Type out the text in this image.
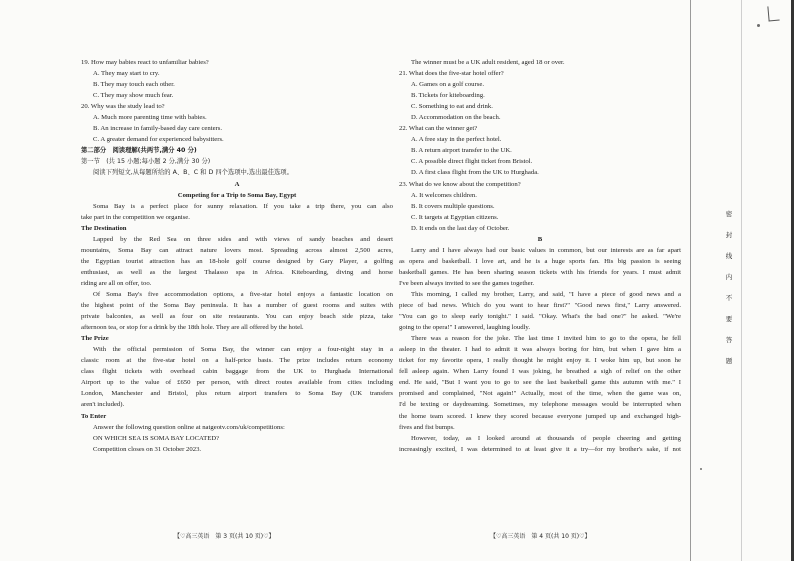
19. How may babies react to unfamiliar babies?
A. They may start to cry.
B. They may touch each other.
C. They may show much fear.
20. Why was the study lead to?
A. Much more parenting time with babies.
B. An increase in family-based day care centers.
C. A greater demand for experienced babysitters.
第二部分　阅读理解(共两节,满分 40 分)
第一节　(共 15 小题;每小题 2 分,满分 30 分)
阅读下列短文,从每题所给的 A、B、C 和 D 四个选项中,选出最佳选项。
A
Competing for a Trip to Soma Bay, Egypt
Soma Bay is a perfect place for sunny relaxation. If you take a trip there, you can also
take part in the competition we organise.
The Destination
Lapped by the Red Sea on three sides and with views of sandy beaches and desert
mountains, Soma Bay can attract nature lovers most. Spreading across almost 2,500 acres,
the Egyptian tourist attraction has an 18-hole golf course designed by Gary Player, a golfing
enthusiast, as well as the largest Thalasso spa in Africa. Kiteboarding, diving and horse
riding are all on offer, too.
Of Soma Bay's five accommodation options, a five-star hotel enjoys a fantastic location on
the highest point of the Soma Bay peninsula. It has a number of guest rooms and suites with
private balconies, as well as four on site restaurants. You can enjoy beach side pizza, take
afternoon tea, or stop for a drink by the 18th hole. They are all offered by the hotel.
The Prize
With the official permission of Soma Bay, the winner can enjoy a four-night stay in a
classic room at the five-star hotel on a half-price basis. The prize includes return economy
class flight tickets with overhead cabin baggage from the UK to Hurghada International
Airport up to the value of £650 per person, with direct routes available from cities including
London, Manchester and Bristol, plus return airport transfers to Soma Bay (UK transfers
aren't included).
To Enter
Answer the following question online at natgeotv.com/uk/competitions:
ON WHICH SEA IS SOMA BAY LOCATED?
Competition closes on 31 October 2023.
The winner must be a UK adult resident, aged 18 or over.
21. What does the five-star hotel offer?
A. Games on a golf course.
B. Tickets for kiteboarding.
C. Something to eat and drink.
D. Accommodation on the beach.
22. What can the winner get?
A. A free stay in the perfect hotel.
B. A return airport transfer to the UK.
C. A possible direct flight ticket from Bristol.
D. A first class flight from the UK to Hurghada.
23. What do we know about the competition?
A. It welcomes children.
B. It covers multiple questions.
C. It targets at Egyptian citizens.
D. It ends on the last day of October.
B
Larry and I have always had our basic values in common, but our interests are as far apart
as opera and basketball. I love art, and he is a huge sports fan. His big passion is seeing
basketball games. He has been sharing season tickets with his friends for years. I must admit
I've been always invited to see the games together.
This morning, I called my brother, Larry, and said, "I have a piece of good news and a
piece of bad news. Which do you want to hear first?" "Good news first," Larry answered.
"You can go to sleep early tonight." I said. "Okay. What's the bad one?" he asked. "We're
going to the opera!" I answered, laughing loudly.
There was a reason for the joke. The last time I invited him to go to the opera, he fell
asleep in the theater. I had to admit it was always boring for him, but when I gave him a
ticket for my favorite opera, I really thought he might enjoy it. I woke him up, but soon he
fell asleep again. When Larry found I was joking, he breathed a sigh of relief on the other
end. He said, "But I want you to go to see the last basketball game this autumn with me." I
promised and complained, "Not again!" Actually, most of the time, when the game was on,
I'd be texting or daydreaming. Sometimes, my telephone messages would be interrupted when
the home team scored. I knew they scored because everyone jumped up and exchanged high-
fives and fist bumps.
However, today, as I looked around at thousands of people cheering and getting
increasingly excited, I was determined to at least give it a try—for my brother's sake, if not
【♡高三英语　第 3 页(共 10 页)♡】	【♡高三英语　第 4 页(共 10 页)♡】
密
封
线
内
不
要
答
题
